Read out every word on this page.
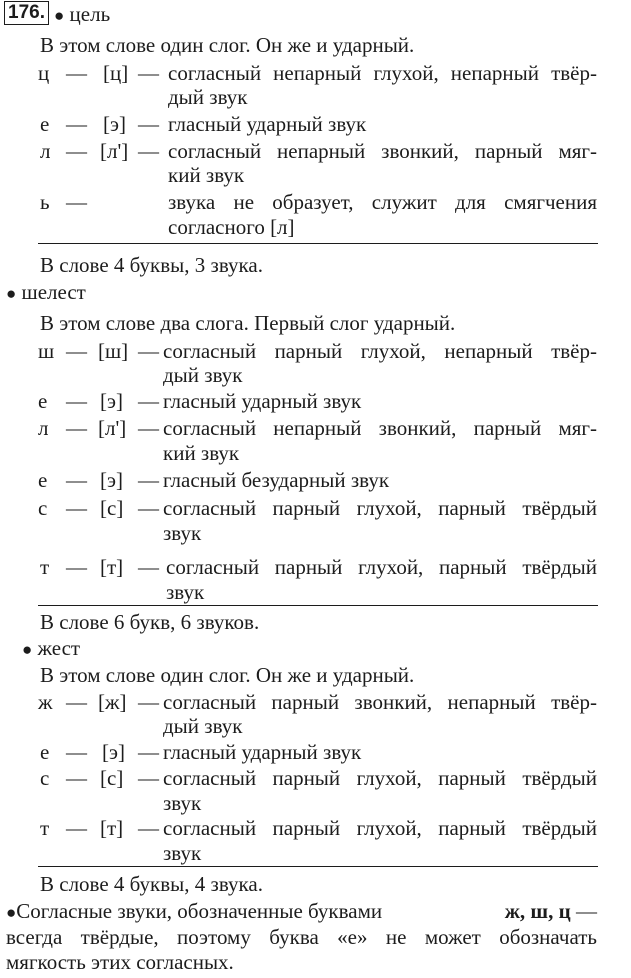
176. ● цель
В этом слове один слог. Он же и ударный.
ц — [ц] — согласный непарный глухой, непарный твёр-
дый звук
е — [э] — гласный ударный звук
л — [л'] — согласный непарный звонкий, парный мяг-
кий звук
ь —	звука не образует, служит для смягчения
согласного [л]
В слове 4 буквы, 3 звука.
● шелест
В этом слове два слога. Первый слог ударный.
ш — [ш] — согласный парный глухой, непарный твёр-
дый звук
е — [э] — гласный ударный звук
л — [л'] — согласный непарный звонкий, парный мяг-
кий звук
е — [э] — гласный безударный звук
с — [с] — согласный парный глухой, парный твёрдый
звук
т — [т] — согласный парный глухой, парный твёрдый
звук
В слове 6 букв, 6 звуков.
● жест
В этом слове один слог. Он же и ударный.
ж — [ж] — согласный парный звонкий, непарный твёр-
дый звук
е — [э] — гласный ударный звук
с — [с] — согласный парный глухой, парный твёрдый
звук
т — [т] — согласный парный глухой, парный твёрдый
звук
В слове 4 буквы, 4 звука.
●Согласные звуки, обозначенные буквами	ж, ш, ц —
всегда твёрдые, поэтому буква «е» не может обозначать
мягкость этих согласных.
